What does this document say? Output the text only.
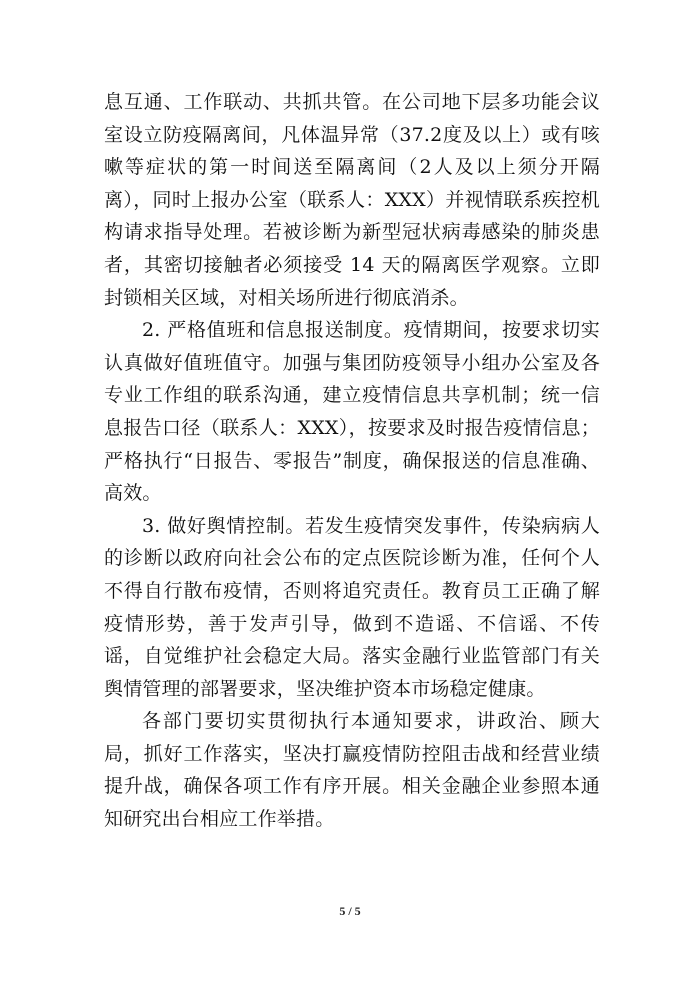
息互通、工作联动、共抓共管。在公司地下层多功能会议室设立防疫隔离间，凡体温异常（37.2度及以上）或有咳嗽等症状的第一时间送至隔离间（2人及以上须分开隔离），同时上报办公室（联系人：XXX）并视情联系疾控机构请求指导处理。若被诊断为新型冠状病毒感染的肺炎患者，其密切接触者必须接受 14 天的隔离医学观察。立即封锁相关区域，对相关场所进行彻底消杀。

2. 严格值班和信息报送制度。疫情期间，按要求切实认真做好值班值守。加强与集团防疫领导小组办公室及各专业工作组的联系沟通，建立疫情信息共享机制；统一信息报告口径（联系人：XXX），按要求及时报告疫情信息；严格执行“日报告、零报告”制度，确保报送的信息准确、高效。

3. 做好舆情控制。若发生疫情突发事件，传染病病人的诊断以政府向社会公布的定点医院诊断为准，任何个人不得自行散布疫情，否则将追究责任。教育员工正确了解疫情形势，善于发声引导，做到不造谣、不信谣、不传谣，自觉维护社会稳定大局。落实金融行业监管部门有关舆情管理的部署要求，坚决维护资本市场稳定健康。

各部门要切实贯彻执行本通知要求，讲政治、顾大局，抓好工作落实，坚决打赢疫情防控阻击战和经营业绩提升战，确保各项工作有序开展。相关金融企业参照本通知研究出台相应工作举措。

5 / 5
